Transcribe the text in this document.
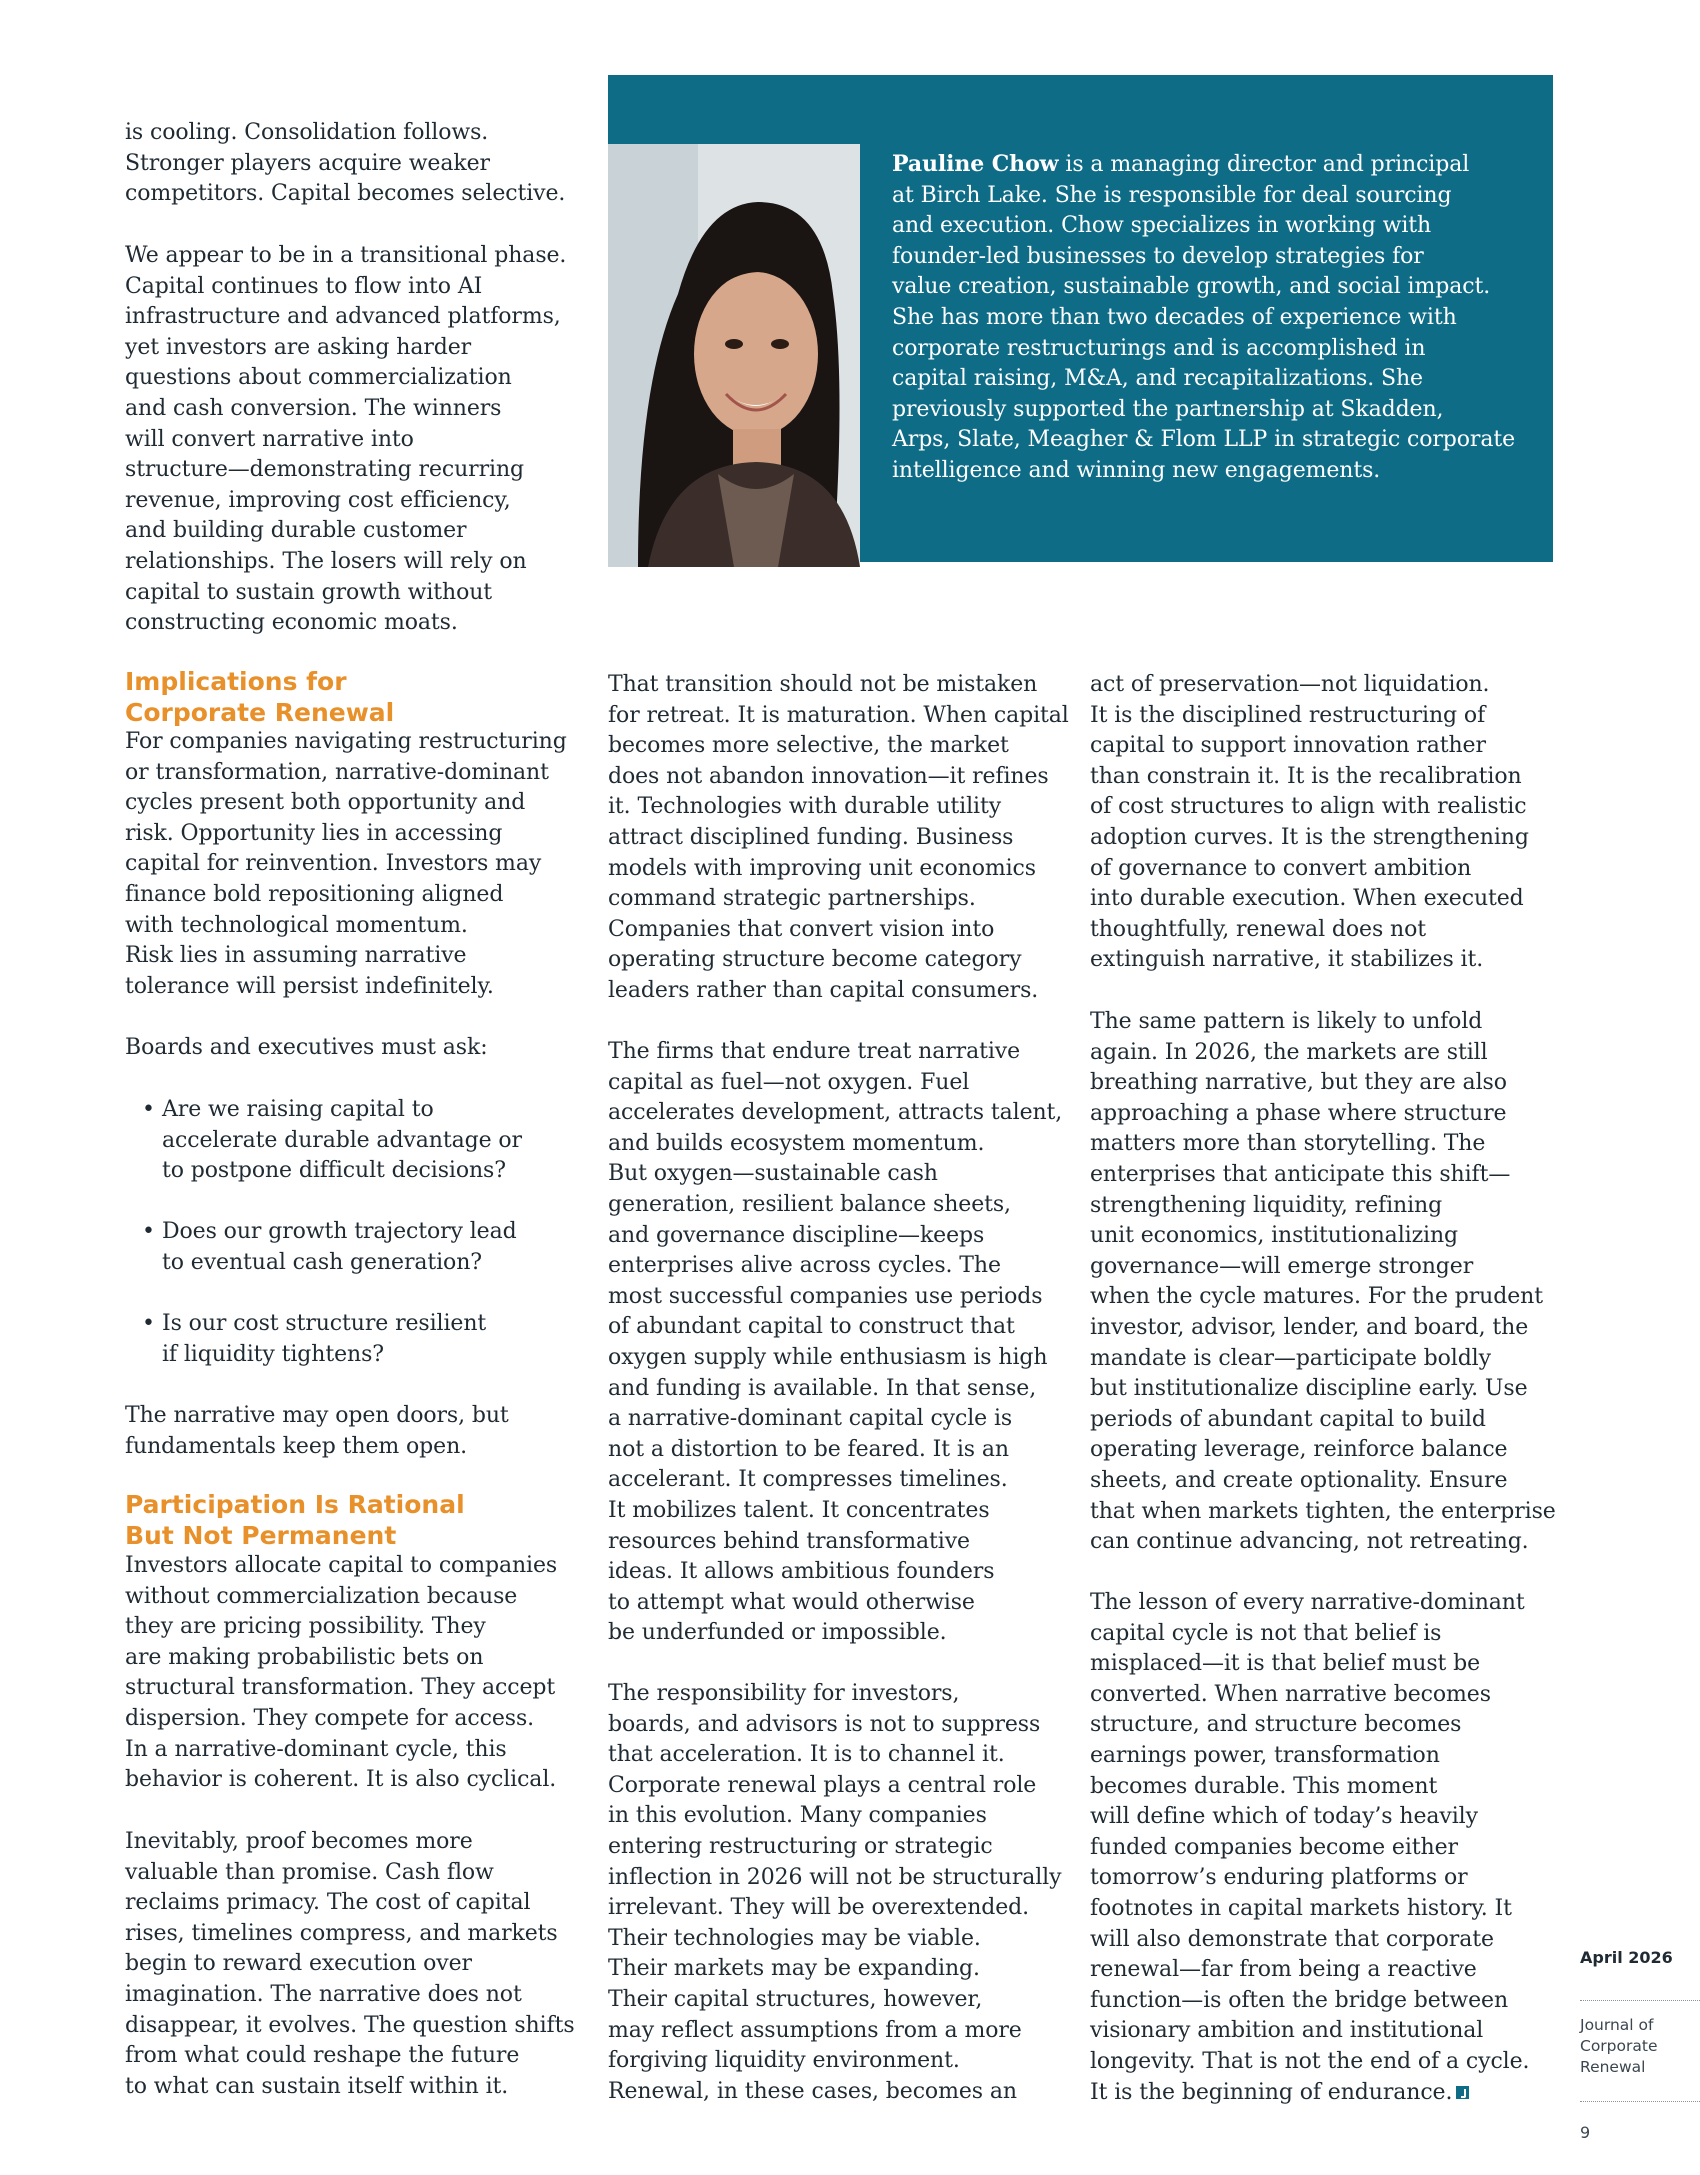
is cooling. Consolidation follows.
Stronger players acquire weaker
competitors. Capital becomes selective.

We appear to be in a transitional phase.
Capital continues to flow into AI
infrastructure and advanced platforms,
yet investors are asking harder
questions about commercialization
and cash conversion. The winners
will convert narrative into
structure—demonstrating recurring
revenue, improving cost efficiency,
and building durable customer
relationships. The losers will rely on
capital to sustain growth without
constructing economic moats.

Implications for
Corporate Renewal

For companies navigating restructuring
or transformation, narrative-dominant
cycles present both opportunity and
risk. Opportunity lies in accessing
capital for reinvention. Investors may
finance bold repositioning aligned
with technological momentum.
Risk lies in assuming narrative
tolerance will persist indefinitely.

Boards and executives must ask:

• Are we raising capital to
accelerate durable advantage or
to postpone difficult decisions?
• Does our growth trajectory lead
to eventual cash generation?
• Is our cost structure resilient
if liquidity tightens?

The narrative may open doors, but
fundamentals keep them open.

Participation Is Rational
But Not Permanent

Investors allocate capital to companies
without commercialization because
they are pricing possibility. They
are making probabilistic bets on
structural transformation. They accept
dispersion. They compete for access.
In a narrative-dominant cycle, this
behavior is coherent. It is also cyclical.

Inevitably, proof becomes more
valuable than promise. Cash flow
reclaims primacy. The cost of capital
rises, timelines compress, and markets
begin to reward execution over
imagination. The narrative does not
disappear, it evolves. The question shifts
from what could reshape the future
to what can sustain itself within it.

That transition should not be mistaken
for retreat. It is maturation. When capital
becomes more selective, the market
does not abandon innovation—it refines
it. Technologies with durable utility
attract disciplined funding. Business
models with improving unit economics
command strategic partnerships.
Companies that convert vision into
operating structure become category
leaders rather than capital consumers.

The firms that endure treat narrative
capital as fuel—not oxygen. Fuel
accelerates development, attracts talent,
and builds ecosystem momentum.
But oxygen—sustainable cash
generation, resilient balance sheets,
and governance discipline—keeps
enterprises alive across cycles. The
most successful companies use periods
of abundant capital to construct that
oxygen supply while enthusiasm is high
and funding is available. In that sense,
a narrative-dominant capital cycle is
not a distortion to be feared. It is an
accelerant. It compresses timelines.
It mobilizes talent. It concentrates
resources behind transformative
ideas. It allows ambitious founders
to attempt what would otherwise
be underfunded or impossible.

The responsibility for investors,
boards, and advisors is not to suppress
that acceleration. It is to channel it.
Corporate renewal plays a central role
in this evolution. Many companies
entering restructuring or strategic
inflection in 2026 will not be structurally
irrelevant. They will be overextended.
Their technologies may be viable.
Their markets may be expanding.
Their capital structures, however,
may reflect assumptions from a more
forgiving liquidity environment.
Renewal, in these cases, becomes an

act of preservation—not liquidation.
It is the disciplined restructuring of
capital to support innovation rather
than constrain it. It is the recalibration
of cost structures to align with realistic
adoption curves. It is the strengthening
of governance to convert ambition
into durable execution. When executed
thoughtfully, renewal does not
extinguish narrative, it stabilizes it.

The same pattern is likely to unfold
again. In 2026, the markets are still
breathing narrative, but they are also
approaching a phase where structure
matters more than storytelling. The
enterprises that anticipate this shift—
strengthening liquidity, refining
unit economics, institutionalizing
governance—will emerge stronger
when the cycle matures. For the prudent
investor, advisor, lender, and board, the
mandate is clear—participate boldly
but institutionalize discipline early. Use
periods of abundant capital to build
operating leverage, reinforce balance
sheets, and create optionality. Ensure
that when markets tighten, the enterprise
can continue advancing, not retreating.

The lesson of every narrative-dominant
capital cycle is not that belief is
misplaced—it is that belief must be
converted. When narrative becomes
structure, and structure becomes
earnings power, transformation
becomes durable. This moment
will define which of today’s heavily
funded companies become either
tomorrow’s enduring platforms or
footnotes in capital markets history. It
will also demonstrate that corporate
renewal—far from being a reactive
function—is often the bridge between
visionary ambition and institutional
longevity. That is not the end of a cycle.
It is the beginning of endurance.

Pauline Chow is a managing director and principal
at Birch Lake. She is responsible for deal sourcing
and execution. Chow specializes in working with
founder-led businesses to develop strategies for
value creation, sustainable growth, and social impact.
She has more than two decades of experience with
corporate restructurings and is accomplished in
capital raising, M&A, and recapitalizations. She
previously supported the partnership at Skadden,
Arps, Slate, Meagher & Flom LLP in strategic corporate
intelligence and winning new engagements.

April 2026
Journal of
Corporate
Renewal
9
